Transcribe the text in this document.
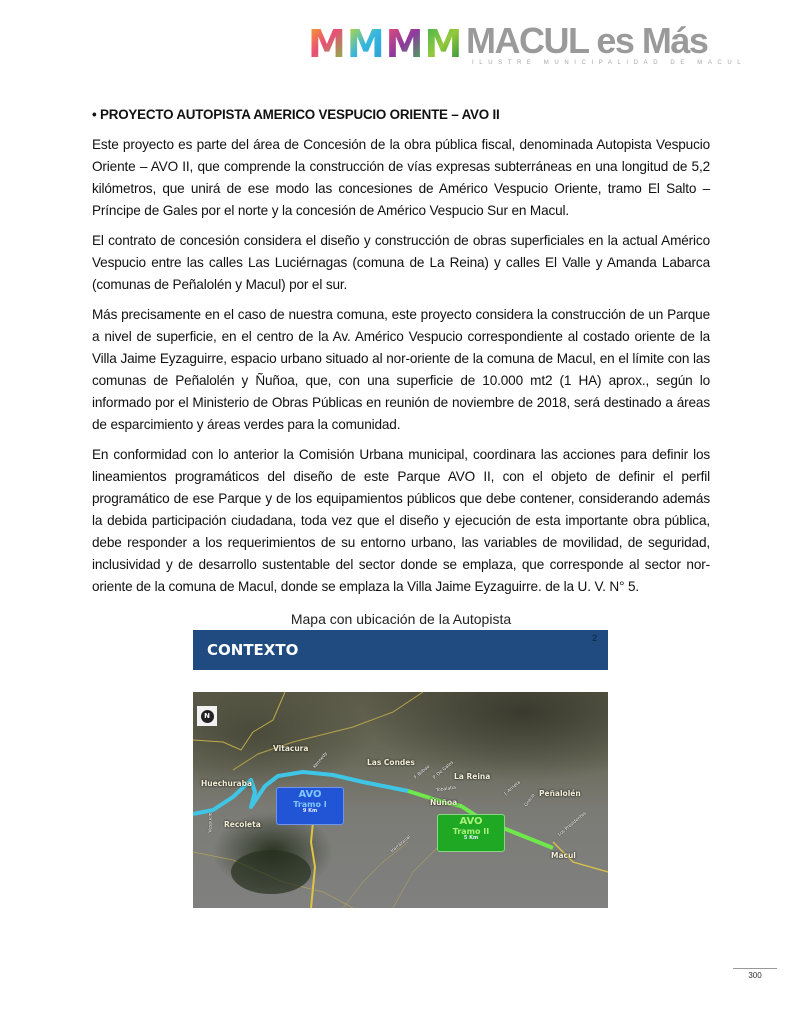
M M M M MACUL es Más
ILUSTRE MUNICIPALIDAD DE MACUL

• PROYECTO AUTOPISTA AMERICO VESPUCIO ORIENTE – AVO II

Este proyecto es parte del área de Concesión de la obra pública fiscal, denominada Autopista Vespucio Oriente – AVO II, que comprende la construcción de vías expresas subterráneas en una longitud de 5,2 kilómetros, que unirá de ese modo las concesiones de Américo Vespucio Oriente, tramo El Salto –Príncipe de Gales por el norte y la concesión de Américo Vespucio Sur en Macul.

El contrato de concesión considera el diseño y construcción de obras superficiales en la actual Américo Vespucio entre las calles Las Luciérnagas (comuna de La Reina) y calles El Valle y Amanda Labarca (comunas de Peñalolén y Macul) por el sur.

Más precisamente en el caso de nuestra comuna, este proyecto considera la construcción de un Parque a nivel de superficie, en el centro de la Av. Américo Vespucio correspondiente al costado oriente de la Villa Jaime Eyzaguirre, espacio urbano situado al nor-oriente de la comuna de Macul, en el límite con las comunas de Peñalolén y Ñuñoa, que, con una superficie de 10.000 mt2 (1 HA) aprox., según lo informado por el Ministerio de Obras Públicas en reunión de noviembre de 2018, será destinado a áreas de esparcimiento y áreas verdes para la comunidad.

En conformidad con lo anterior la Comisión Urbana municipal, coordinara las acciones para definir los lineamientos programáticos del diseño de este Parque AVO II, con el objeto de definir el perfil programático de ese Parque y de los equipamientos públicos que debe contener, considerando además la debida participación ciudadana, toda vez que el diseño y ejecución de esta importante obra pública, debe responder a los requerimientos de su entorno urbano, las variables de movilidad, de seguridad, inclusividad y de desarrollo sustentable del sector donde se emplaza, que corresponde al sector nor-oriente de la comuna de Macul, donde se emplaza la Villa Jaime Eyzaguirre. de la U. V. N° 5.

Mapa con ubicación de la Autopista
CONTEXTO
2
N
Vitacura
Las Condes
Huechuraba
Recoleta
La Reina
Ñuñoa
Peñalolén
Macul
Kennedy
F. Bilbao P. De Gales
Tobalaba	J. Arrieta
Grecia
Los Presidentes
Irarrázaval
Vespucio
AVO
Tramo I
9 Km
AVO
Tramo II
5 Km
300
